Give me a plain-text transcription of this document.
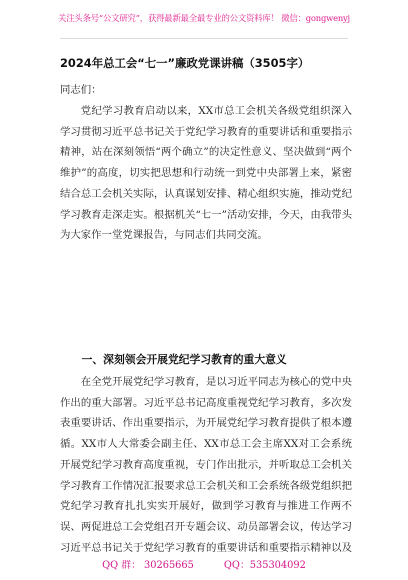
关注头条号“公文研究”，获得最新最全最专业的公文资料库！ 微信：gongwenyj
2024年总工会“七一”廉政党课讲稿（3505字）

同志们：

党纪学习教育启动以来，XX市总工会机关各级党组织深入学习贯彻习近平总书记关于党纪学习教育的重要讲话和重要指示精神，站在深刻领悟“两个确立”的决定性意义、坚决做到“两个维护”的高度，切实把思想和行动统一到党中央部署上来，紧密结合总工会机关实际，认真谋划安排、精心组织实施，推动党纪学习教育走深走实。根据机关“七一”活动安排，今天，由我带头为大家作一堂党课报告，与同志们共同交流。

一、深刻领会开展党纪学习教育的重大意义

在全党开展党纪学习教育，是以习近平同志为核心的党中央作出的重大部署。习近平总书记高度重视党纪学习教育，多次发表重要讲话、作出重要指示，为开展党纪学习教育提供了根本遵循。XX市人大常委会副主任、XX市总工会主席XX对工会系统开展党纪学习教育高度重视，专门作出批示，并听取总工会机关学习教育工作情况汇报要求总工会机关和工会系统各级党组织把党纪学习教育扎扎实实开展好，做到学习教育与推进工作两不误、两促进总工会党组召开专题会议、动员部署会议，传达学习习近平总书记关于党纪学习教育的重要讲话和重要指示精神以及

QQ 群： 30265665	QQ：535304092
